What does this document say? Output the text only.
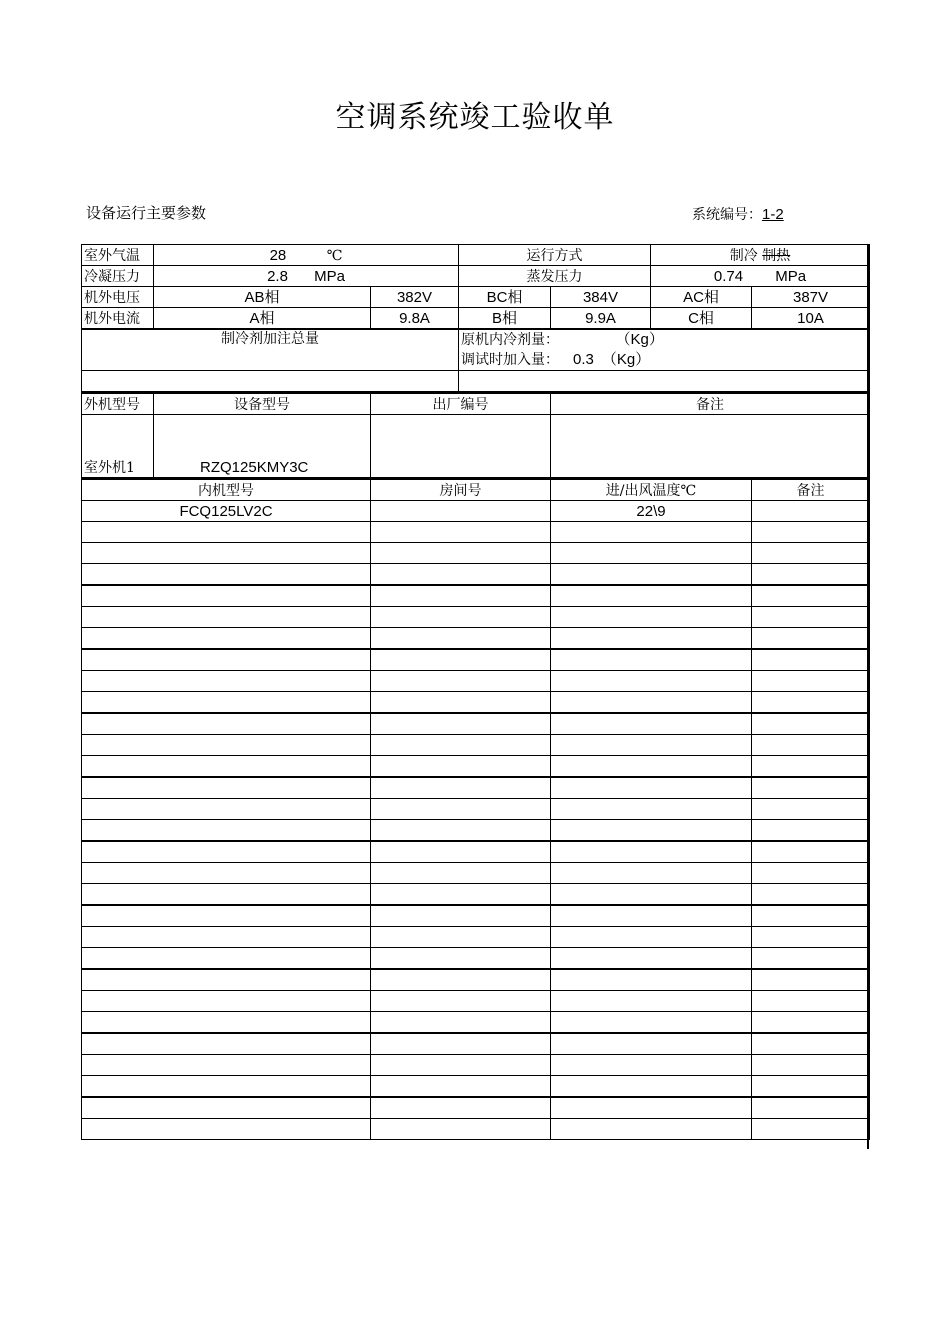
空调系统竣工验收单
设备运行主要参数	系统编号：1-2
室外气温	28 ℃		运行方式		制冷 制热	
冷凝压力	2.8 MPa		蒸发压力		0.74 MPa	
机外电压	AB相	382V	BC相	384V	AC相	387V
机外电流	A相	9.8A	B相	9.9A	C相	10A
制冷剂加注总量			原机内冷剂量： （Kg）
调试时加入量： 0.3 （Kg）			

外机型号	设备型号	出厂编号	备注
室外机1	RZQ125KMY3C		
内机型号	房间号	进/出风温度℃	备注
FCQ125LV2C		22\9	
